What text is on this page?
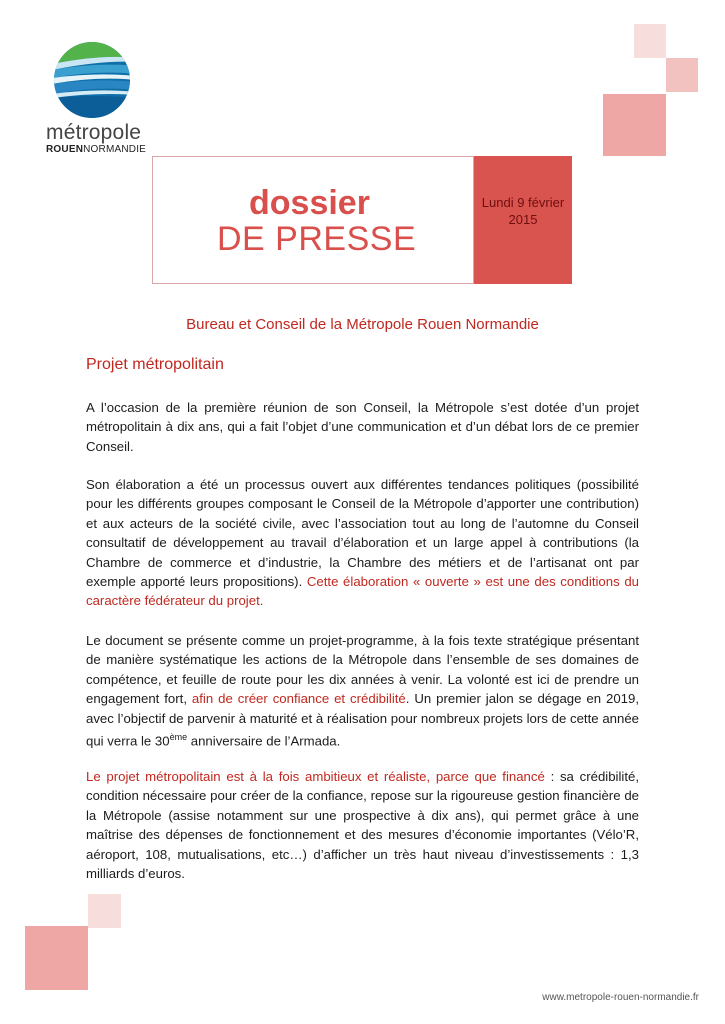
métropole
ROUENNORMANDIE
dossier
DE PRESSE
Lundi 9 février
2015
Bureau et Conseil de la Métropole Rouen Normandie
Projet métropolitain

A l’occasion de la première réunion de son Conseil, la Métropole s’est dotée d’un projet métropolitain à dix ans, qui a fait l’objet d’une communication et d’un débat lors de ce premier Conseil.

Son élaboration a été un processus ouvert aux différentes tendances politiques (possibilité pour les différents groupes composant le Conseil de la Métropole d’apporter une contribution) et aux acteurs de la société civile, avec l’association tout au long de l’automne du Conseil consultatif de développement au travail d’élaboration et un large appel à contributions (la Chambre de commerce et d’industrie, la Chambre des métiers et de l’artisanat ont par exemple apporté leurs propositions). Cette élaboration « ouverte » est une des conditions du caractère fédérateur du projet.

Le document se présente comme un projet-programme, à la fois texte stratégique présentant de manière systématique les actions de la Métropole dans l’ensemble de ses domaines de compétence, et feuille de route pour les dix années à venir. La volonté est ici de prendre un engagement fort, afin de créer confiance et crédibilité. Un premier jalon se dégage en 2019, avec l’objectif de parvenir à maturité et à réalisation pour nombreux projets lors de cette année qui verra le 30ème anniversaire de l’Armada.

Le projet métropolitain est à la fois ambitieux et réaliste, parce que financé : sa crédibilité, condition nécessaire pour créer de la confiance, repose sur la rigoureuse gestion financière de la Métropole (assise notamment sur une prospective à dix ans), qui permet grâce à une maîtrise des dépenses de fonctionnement et des mesures d’économie importantes (Vélo’R, aéroport, 108, mutualisations, etc…) d’afficher un très haut niveau d’investissements : 1,3 milliards d’euros.

www.metropole-rouen-normandie.fr
